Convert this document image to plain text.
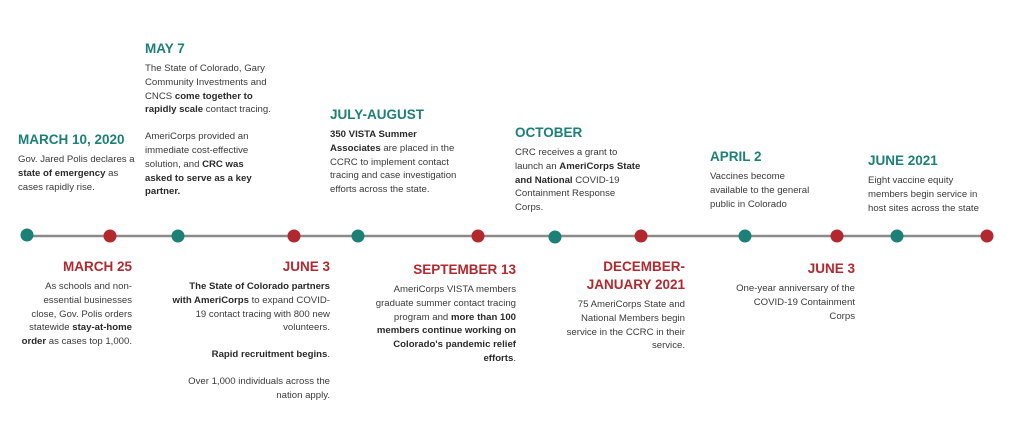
MARCH 10, 2020

Gov. Jared Polis declares a state of emergency as cases rapidly rise.

MARCH 25

As schools and non-essential businesses close, Gov. Polis orders statewide stay-at-home order as cases top 1,000.

MAY 7

The State of Colorado, Gary Community Investments and CNCS come together to rapidly scale contact tracing.

AmeriCorps provided an immediate cost-effective solution, and CRC was asked to serve as a key partner.

JUNE 3

The State of Colorado partners with AmeriCorps to expand COVID-19 contact tracing with 800 new volunteers.

Rapid recruitment begins.

Over 1,000 individuals across the nation apply.

JULY-AUGUST

350 VISTA Summer Associates are placed in the CCRC to implement contact tracing and case investigation efforts across the state.

SEPTEMBER 13

AmeriCorps VISTA members graduate summer contact tracing program and more than 100 members continue working on Colorado's pandemic relief efforts.

OCTOBER

CRC receives a grant to launch an AmeriCorps State and National COVID-19 Containment Response Corps.

DECEMBER-JANUARY 2021

75 AmeriCorps State and National Members begin service in the CCRC in their service.

APRIL 2

Vaccines become available to the general public in Colorado

JUNE 3

One-year anniversary of the COVID-19 Containment Corps

JUNE 2021

Eight vaccine equity members begin service in host sites across the state
